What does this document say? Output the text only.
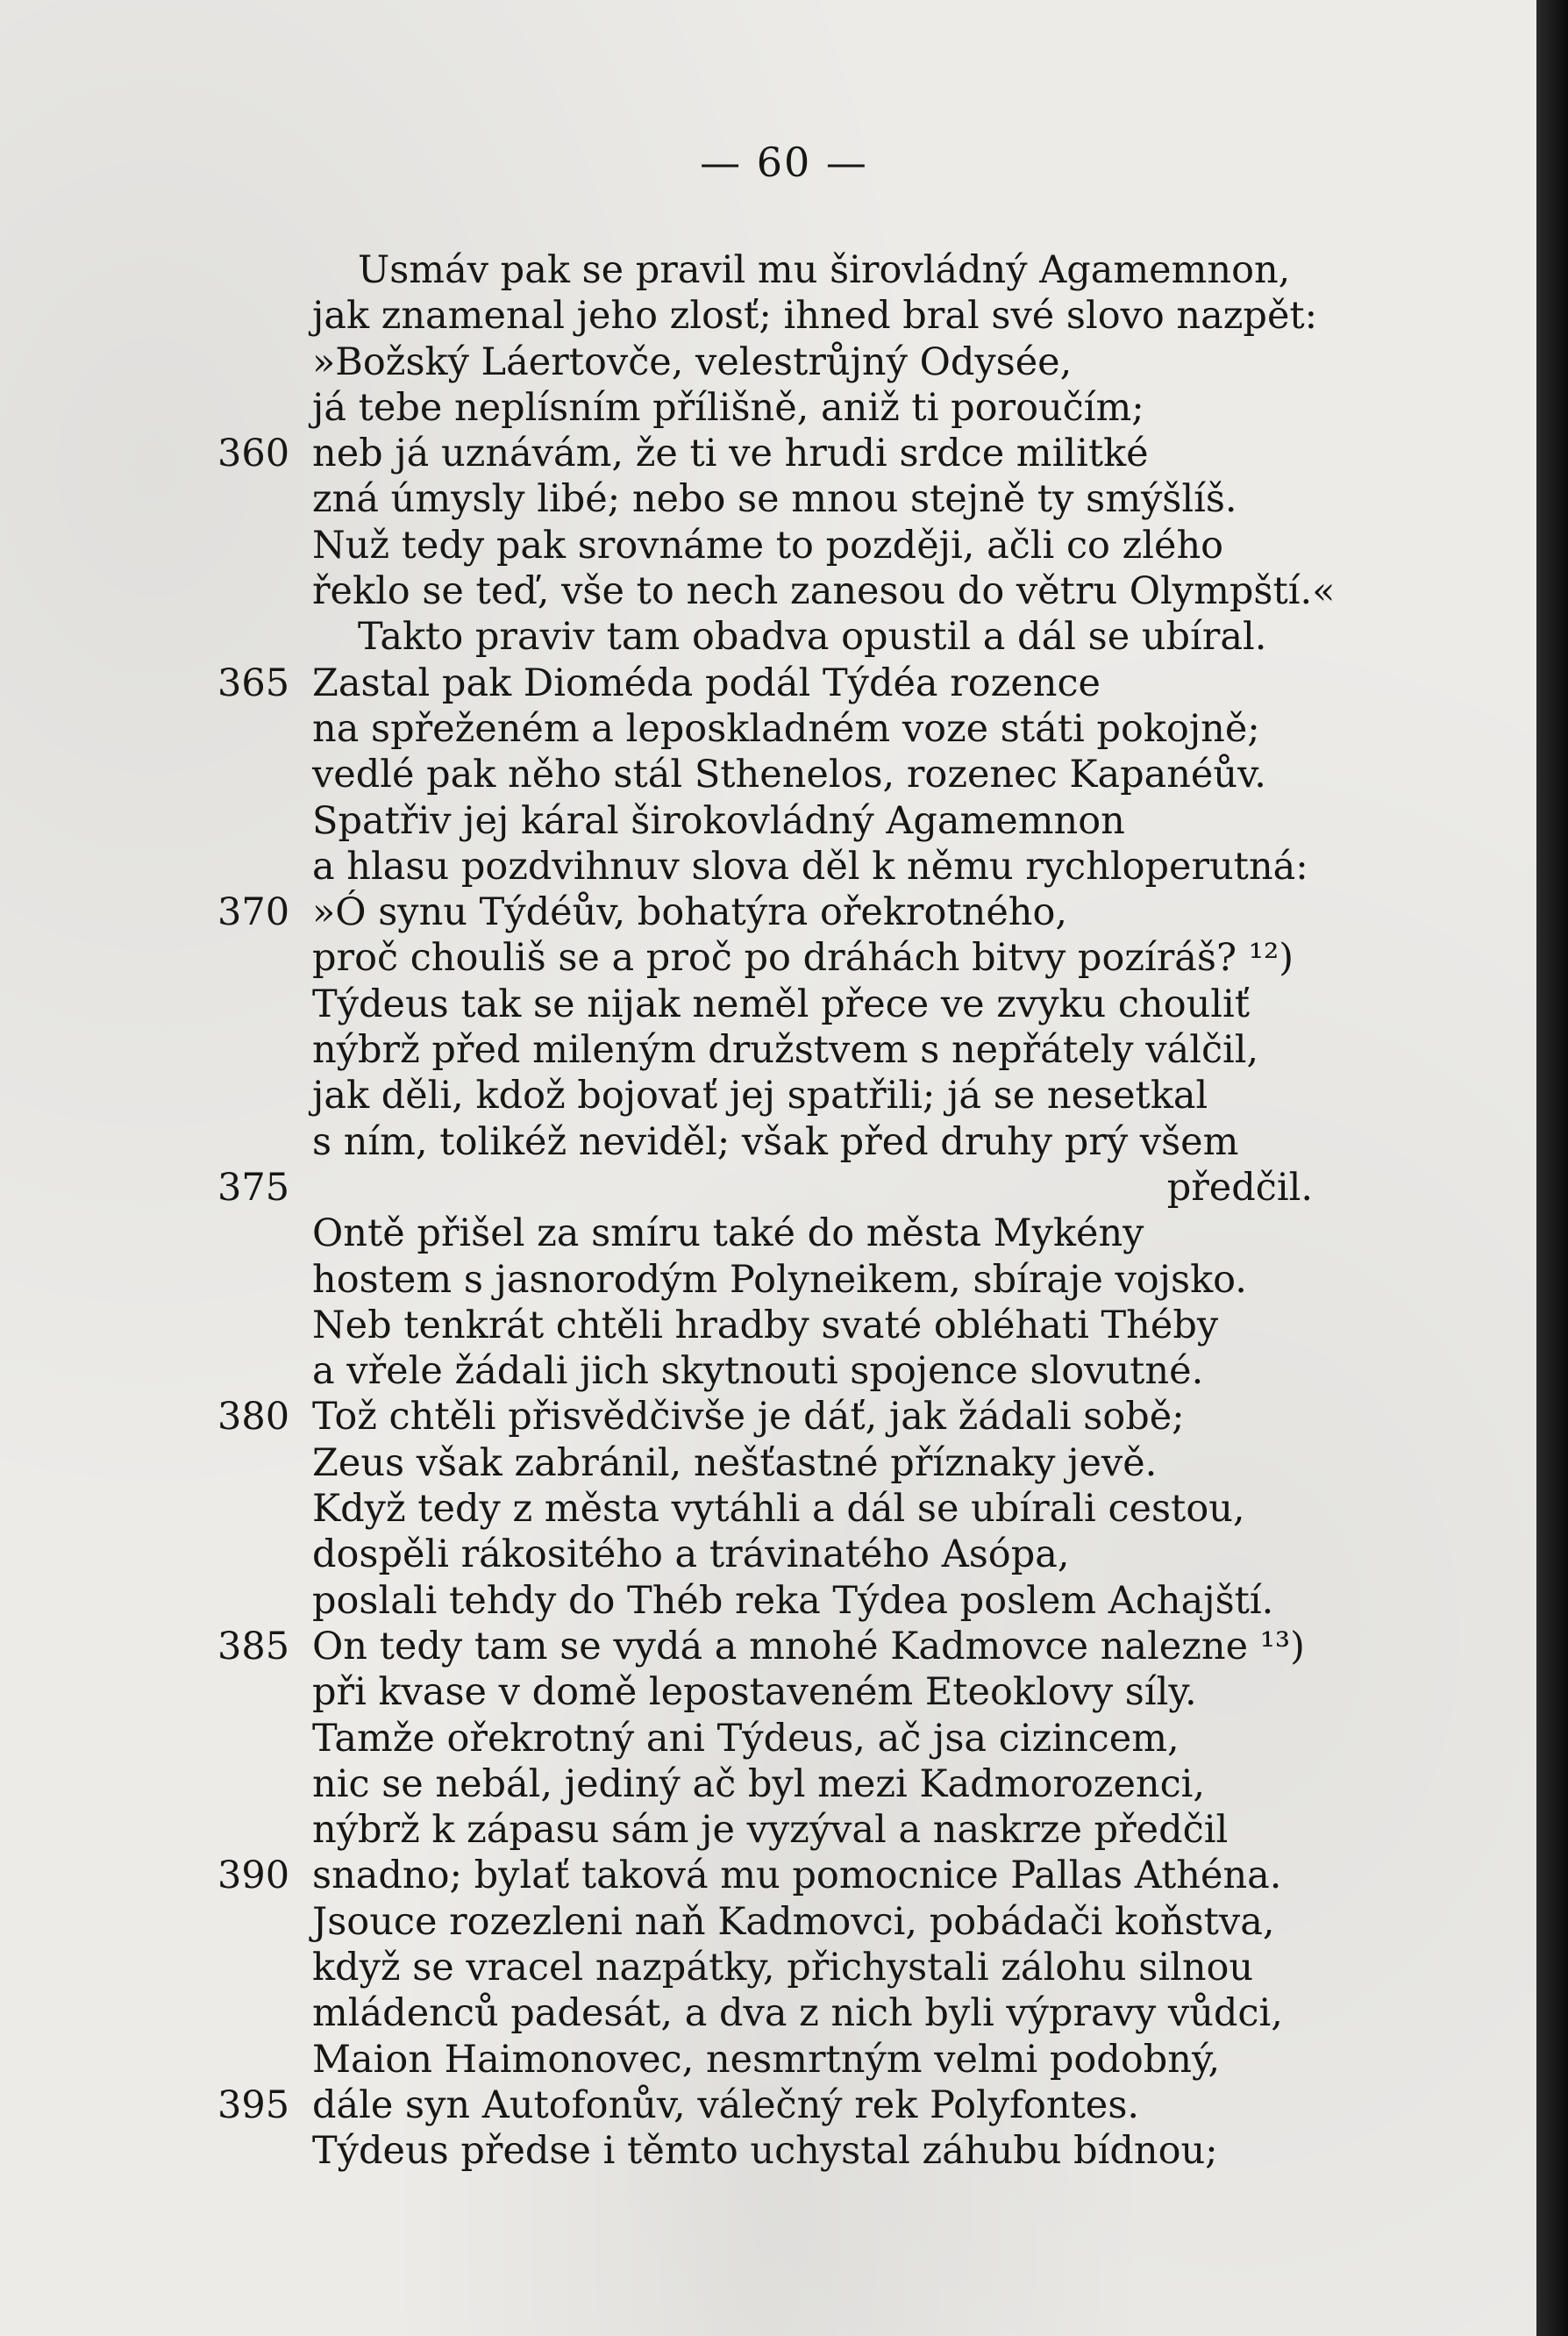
— 60 —
Usmáv pak se pravil mu širovládný Agamemnon,
jak znamenal jeho zlosť; ihned bral své slovo nazpět:
»Božský Láertovče, velestrůjný Odysée,
já tebe neplísním přílišně, aniž ti poroučím;
360 neb já uznávám, že ti ve hrudi srdce militké
zná úmysly libé; nebo se mnou stejně ty smýšlíš.
Nuž tedy pak srovnáme to později, ačli co zlého
řeklo se teď, vše to nech zanesou do větru Olympští.«
Takto praviv tam obadva opustil a dál se ubíral.
365 Zastal pak Dioméda podál Týdéa rozence
na spřeženém a leposkladném voze státi pokojně;
vedlé pak něho stál Sthenelos, rozenec Kapanéův.
Spatřiv jej káral širokovládný Agamemnon
a hlasu pozdvihnuv slova děl k němu rychloperutná:
370 »Ó synu Týdéův, bohatýra ořekrotného,
proč chouliš se a proč po dráhách bitvy pozíráš? ¹²)
Týdeus tak se nijak neměl přece ve zvyku chouliť
nýbrž před mileným družstvem s nepřátely válčil,
jak děli, kdož bojovať jej spatřili; já se nesetkal
s ním, tolikéž neviděl; však před druhy prý všem
375	předčil.
Ontě přišel za smíru také do města Mykény
hostem s jasnorodým Polyneikem, sbíraje vojsko.
Neb tenkrát chtěli hradby svaté obléhati Théby
a vřele žádali jich skytnouti spojence slovutné.
380 Tož chtěli přisvědčivše je dáť, jak žádali sobě;
Zeus však zabránil, nešťastné příznaky jevě.
Když tedy z města vytáhli a dál se ubírali cestou,
dospěli rákositého a trávinatého Asópa,
poslali tehdy do Théb reka Týdea poslem Achajští.
385 On tedy tam se vydá a mnohé Kadmovce nalezne ¹³)
při kvase v domě lepostaveném Eteoklovy síly.
Tamže ořekrotný ani Týdeus, ač jsa cizincem,
nic se nebál, jediný ač byl mezi Kadmorozenci,
nýbrž k zápasu sám je vyzýval a naskrze předčil
390 snadno; bylať taková mu pomocnice Pallas Athéna.
Jsouce rozezleni naň Kadmovci, pobádači koňstva,
když se vracel nazpátky, přichystali zálohu silnou
mládenců padesát, a dva z nich byli výpravy vůdci,
Maion Haimonovec, nesmrtným velmi podobný,
395 dále syn Autofonův, válečný rek Polyfontes.
Týdeus předse i těmto uchystal záhubu bídnou;
